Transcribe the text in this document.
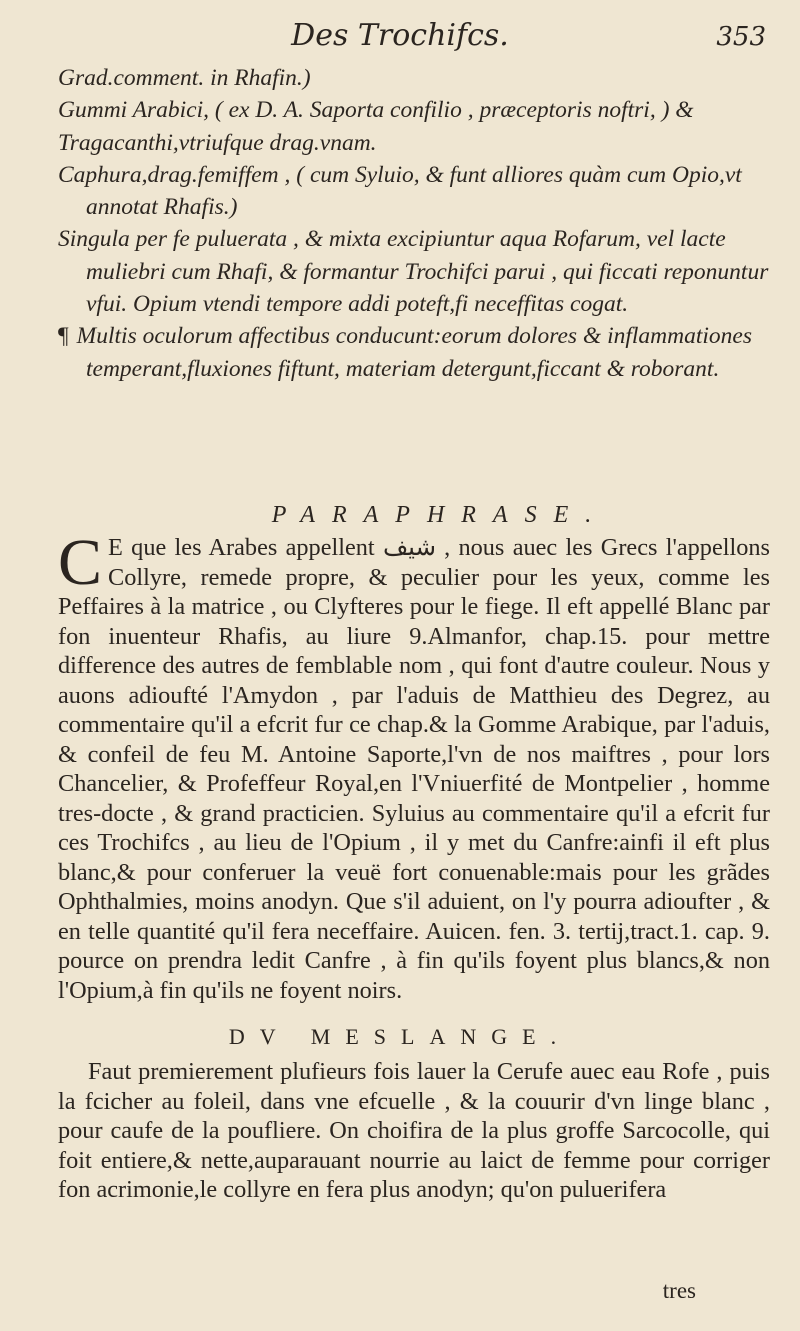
Des Trochifcs.	353

Grad.comment. in Rhafin.)

Gummi Arabici, ( ex D. A. Saporta confilio , præceptoris noftri, ) &

Tragacanthi,vtriufque drag.vnam.

Caphura,drag.femiffem , ( cum Syluio, & funt alliores quàm cum Opio,vt annotat Rhafis.)

Singula per fe puluerata , & mixta excipiuntur aqua Rofarum, vel lacte muliebri cum Rhafi, & formantur Trochifci parui , qui ficcati reponuntur vfui. Opium vtendi tempore addi poteft,fi neceffitas cogat.

¶ Multis oculorum affectibus conducunt:eorum dolores & inflammationes temperant,fluxiones fiftunt, materiam detergunt,ficcant & roborant.

PARAPHRASE.

C E que les Arabes appellent شيف , nous auec les Grecs l'appellons Collyre, remede propre, & peculier pour les yeux, comme les Peffaires à la matrice , ou Clyfteres pour le fiege. Il eft appellé Blanc par fon inuenteur Rhafis, au liure 9.Almanfor, chap.15. pour mettre difference des autres de femblable nom , qui font d'autre couleur. Nous y auons adioufté l'Amydon , par l'aduis de Matthieu des Degrez, au commentaire qu'il a efcrit fur ce chap.& la Gomme Arabique, par l'aduis, & confeil de feu M. Antoine Saporte,l'vn de nos maiftres , pour lors Chancelier, & Profeffeur Royal,en l'Vniuerfité de Montpelier , homme tres-docte , & grand practicien. Syluius au commentaire qu'il a efcrit fur ces Trochifcs , au lieu de l'Opium , il y met du Canfre:ainfi il eft plus blanc,& pour conferuer la veuë fort conuenable:mais pour les grãdes Ophthalmies, moins anodyn. Que s'il aduient, on l'y pourra adioufter , & en telle quantité qu'il fera neceffaire. Auicen. fen. 3. tertij,tract.1. cap. 9. pource on prendra ledit Canfre , à fin qu'ils foyent plus blancs,& non l'Opium,à fin qu'ils ne foyent noirs.

DV MESLANGE.

Faut premierement plufieurs fois lauer la Cerufe auec eau Rofe , puis la fcicher au foleil, dans vne efcuelle , & la couurir d'vn linge blanc , pour caufe de la poufliere. On choifira de la plus groffe Sarcocolle, qui foit entiere,& nette,auparauant nourrie au laict de femme pour corriger fon acrimonie,le collyre en fera plus anodyn; qu'on puluerifera

tres
